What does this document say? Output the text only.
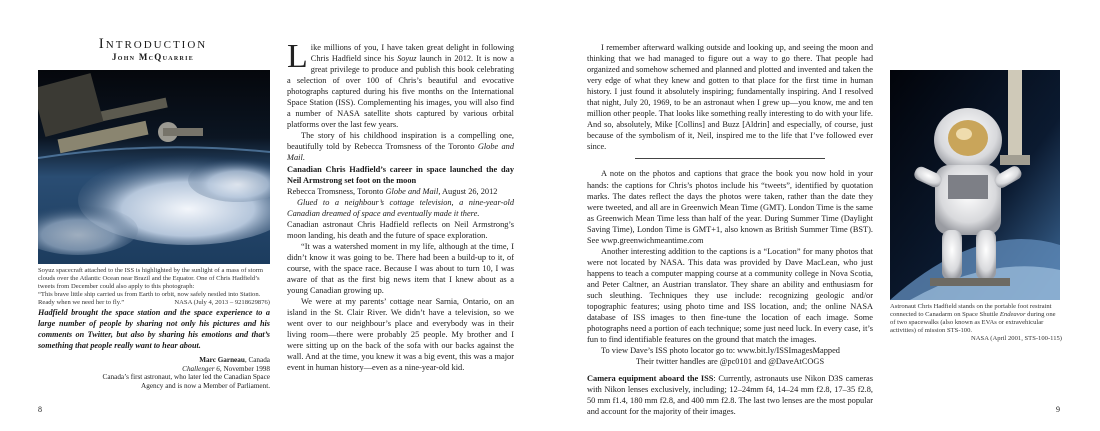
Introduction
John McQuarrie
Soyuz spacecraft attached to the ISS is highlighted by the sunlight of a mass of storm clouds over the Atlantic Ocean near Brazil and the Equator. One of Chris Hadfield’s tweets from December could also apply to this photograph:
“This brave little ship carried us from Earth to orbit, now safely nestled into Station. Ready when we need her to fly.”	NASA (July 4, 2013 – 9218629876)
Hadfield brought the space station and the space experience to a large number of people by sharing not only his pictures and his comments on Twitter, but also by sharing his emotions and that’s something that people really want to hear about.
Marc Garneau, Canada
Challenger 6, November 1998
Canada’s first astronaut, who later led the Canadian Space Agency and is now a Member of Parliament.
8

Like millions of you, I have taken great delight in following Chris Hadfield since his Soyuz launch in 2012. It is now a great privilege to produce and publish this book celebrating a selection of over 100 of Chris’s beautiful and evocative photographs captured during his five months on the International Space Station (ISS). Complementing his images, you will also find a number of NASA satellite shots captured by various orbital platforms over the last few years.

The story of his childhood inspiration is a compelling one, beautifully told by Rebecca Tromsness of the Toronto Globe and Mail.

Canadian Chris Hadfield’s career in space launched the day Neil Armstrong set foot on the moon

Rebecca Tromsness, Toronto Globe and Mail, August 26, 2012

Glued to a neighbour’s cottage television, a nine-year-old Canadian dreamed of space and eventually made it there.

Canadian astronaut Chris Hadfield reflects on Neil Armstrong’s moon landing, his death and the future of space exploration.

“It was a watershed moment in my life, although at the time, I didn’t know it was going to be. There had been a build-up to it, of course, with the space race. Because I was about to turn 10, I was aware of that as the first big news item that I knew about as a young Canadian growing up.

We were at my parents’ cottage near Sarnia, Ontario, on an island in the St. Clair River. We didn’t have a television, so we went over to our neighbour’s place and everybody was in their living room—there were probably 25 people. My brother and I were sitting up on the back of the sofa with our backs against the wall. And at the time, you knew it was a big event, this was a major event in human history—even as a nine-year-old kid.

I remember afterward walking outside and looking up, and seeing the moon and thinking that we had managed to figure out a way to go there. That people had organized and somehow schemed and planned and plotted and invented and taken the very edge of what they knew and gotten to that place for the first time in human history. I just found it absolutely inspiring; fundamentally inspiring. And I resolved that night, July 20, 1969, to be an astronaut when I grew up—you know, me and ten million other people. That looks like something really interesting to do with your life. And so, absolutely, Mike [Collins] and Buzz [Aldrin] and especially, of course, just because of the symbolism of it, Neil, inspired me to the life that I’ve followed ever since.

A note on the photos and captions that grace the book you now hold in your hands: the captions for Chris’s photos include his “tweets”, identified by quotation marks. The dates reflect the days the photos were taken, rather than the date they were tweeted, and all are in Greenwich Mean Time (GMT). London Time is the same as Greenwich Mean Time less than half of the year. During Summer Time (Daylight Saving Time), London Time is GMT+1, also known as British Summer Time (BST). See wwp.greenwichmeantime.com

Another interesting addition to the captions is a “Location” for many photos that were not located by NASA. This data was provided by Dave MacLean, who just happens to teach a computer mapping course at a community college in Nova Scotia, and Peter Caltner, an Austrian translator. They share an ability and enthusiasm for such sleuthing. Techniques they use include: recognizing geologic and/or topographic features; using photo time and ISS location, and; the online NASA database of ISS images to then fine-tune the location of each image. Some photographs need a portion of each technique; some just need luck. In every case, it’s fun to find identifiable features on the ground that match the images.

To view Dave’s ISS photo locator go to: www.bit.ly/ISSImagesMapped

Their twitter handles are @pc0101 and @DaveAtCOGS

Camera equipment aboard the ISS: Currently, astronauts use Nikon D3S cameras with Nikon lenses exclusively, including; 12–24mm f4, 14–24 mm f2.8, 17–35 f2.8, 50 mm f1.4, 180 mm f2.8, and 400 mm f2.8. The last two lenses are the most popular and account for the majority of their images.

Astronaut Chris Hadfield stands on the portable foot restraint connected to Canadarm on Space Shuttle Endeavor during one of two spacewalks (also known as EVAs or extravehicular activities) of mission STS-100.
NASA (April 2001, STS-100-115)
9
